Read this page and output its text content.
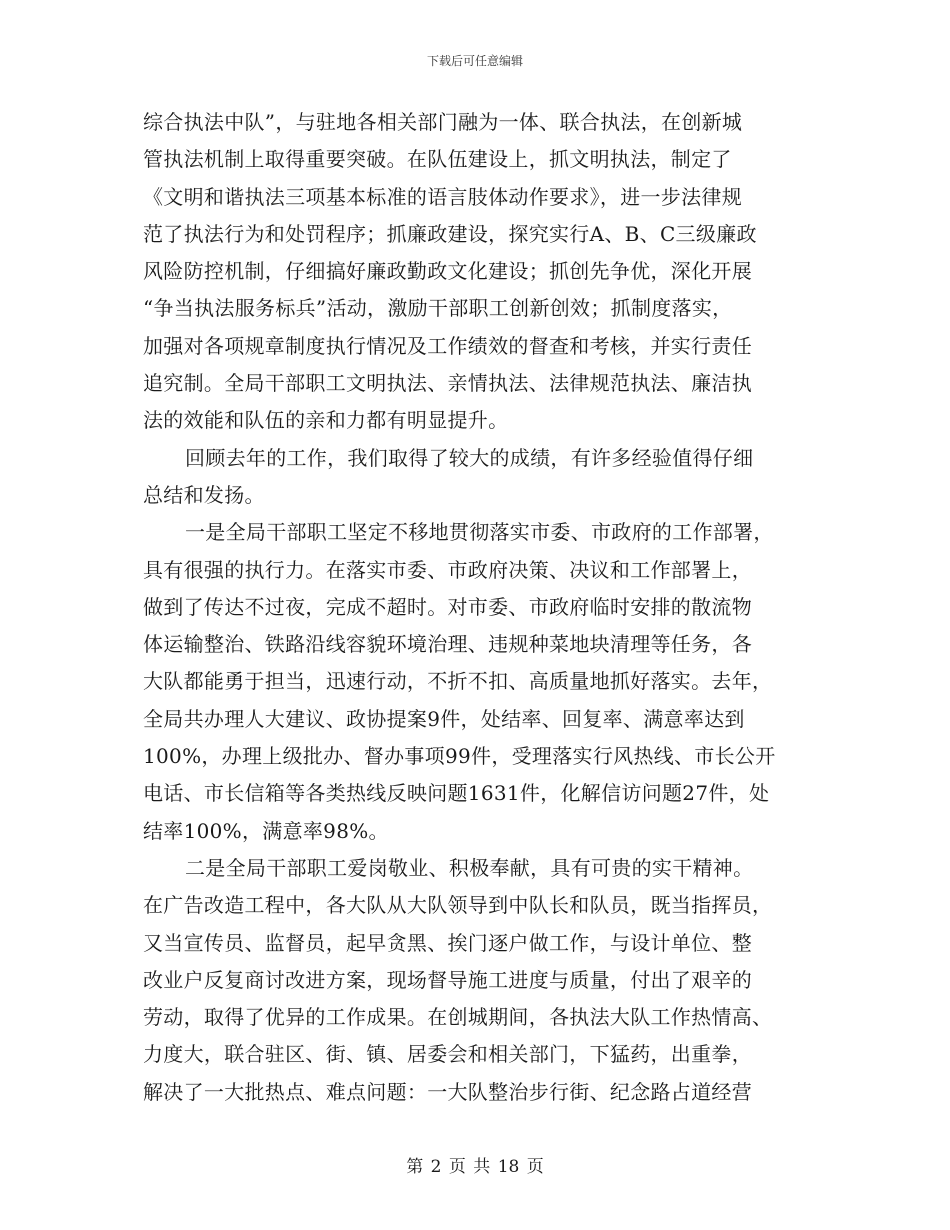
下载后可任意编辑
综合执法中队”，与驻地各相关部门融为一体、联合执法，在创新城
管执法机制上取得重要突破。在队伍建设上，抓文明执法，制定了
《文明和谐执法三项基本标准的语言肢体动作要求》，进一步法律规
范了执法行为和处罚程序；抓廉政建设，探究实行A、B、C三级廉政
风险防控机制，仔细搞好廉政勤政文化建设；抓创先争优，深化开展
“争当执法服务标兵”活动，激励干部职工创新创效；抓制度落实，
加强对各项规章制度执行情况及工作绩效的督查和考核，并实行责任
追究制。全局干部职工文明执法、亲情执法、法律规范执法、廉洁执
法的效能和队伍的亲和力都有明显提升。
回顾去年的工作，我们取得了较大的成绩，有许多经验值得仔细
总结和发扬。
一是全局干部职工坚定不移地贯彻落实市委、市政府的工作部署，
具有很强的执行力。在落实市委、市政府决策、决议和工作部署上，
做到了传达不过夜，完成不超时。对市委、市政府临时安排的散流物
体运输整治、铁路沿线容貌环境治理、违规种菜地块清理等任务，各
大队都能勇于担当，迅速行动，不折不扣、高质量地抓好落实。去年，
全局共办理人大建议、政协提案9件，处结率、回复率、满意率达到
100%，办理上级批办、督办事项99件，受理落实行风热线、市长公开
电话、市长信箱等各类热线反映问题1631件，化解信访问题27件，处
结率100%，满意率98%。
二是全局干部职工爱岗敬业、积极奉献，具有可贵的实干精神。
在广告改造工程中，各大队从大队领导到中队长和队员，既当指挥员，
又当宣传员、监督员，起早贪黑、挨门逐户做工作，与设计单位、整
改业户反复商讨改进方案，现场督导施工进度与质量，付出了艰辛的
劳动，取得了优异的工作成果。在创城期间，各执法大队工作热情高、
力度大，联合驻区、街、镇、居委会和相关部门，下猛药，出重拳，
解决了一大批热点、难点问题：一大队整治步行街、纪念路占道经营
第 2 页 共 18 页
